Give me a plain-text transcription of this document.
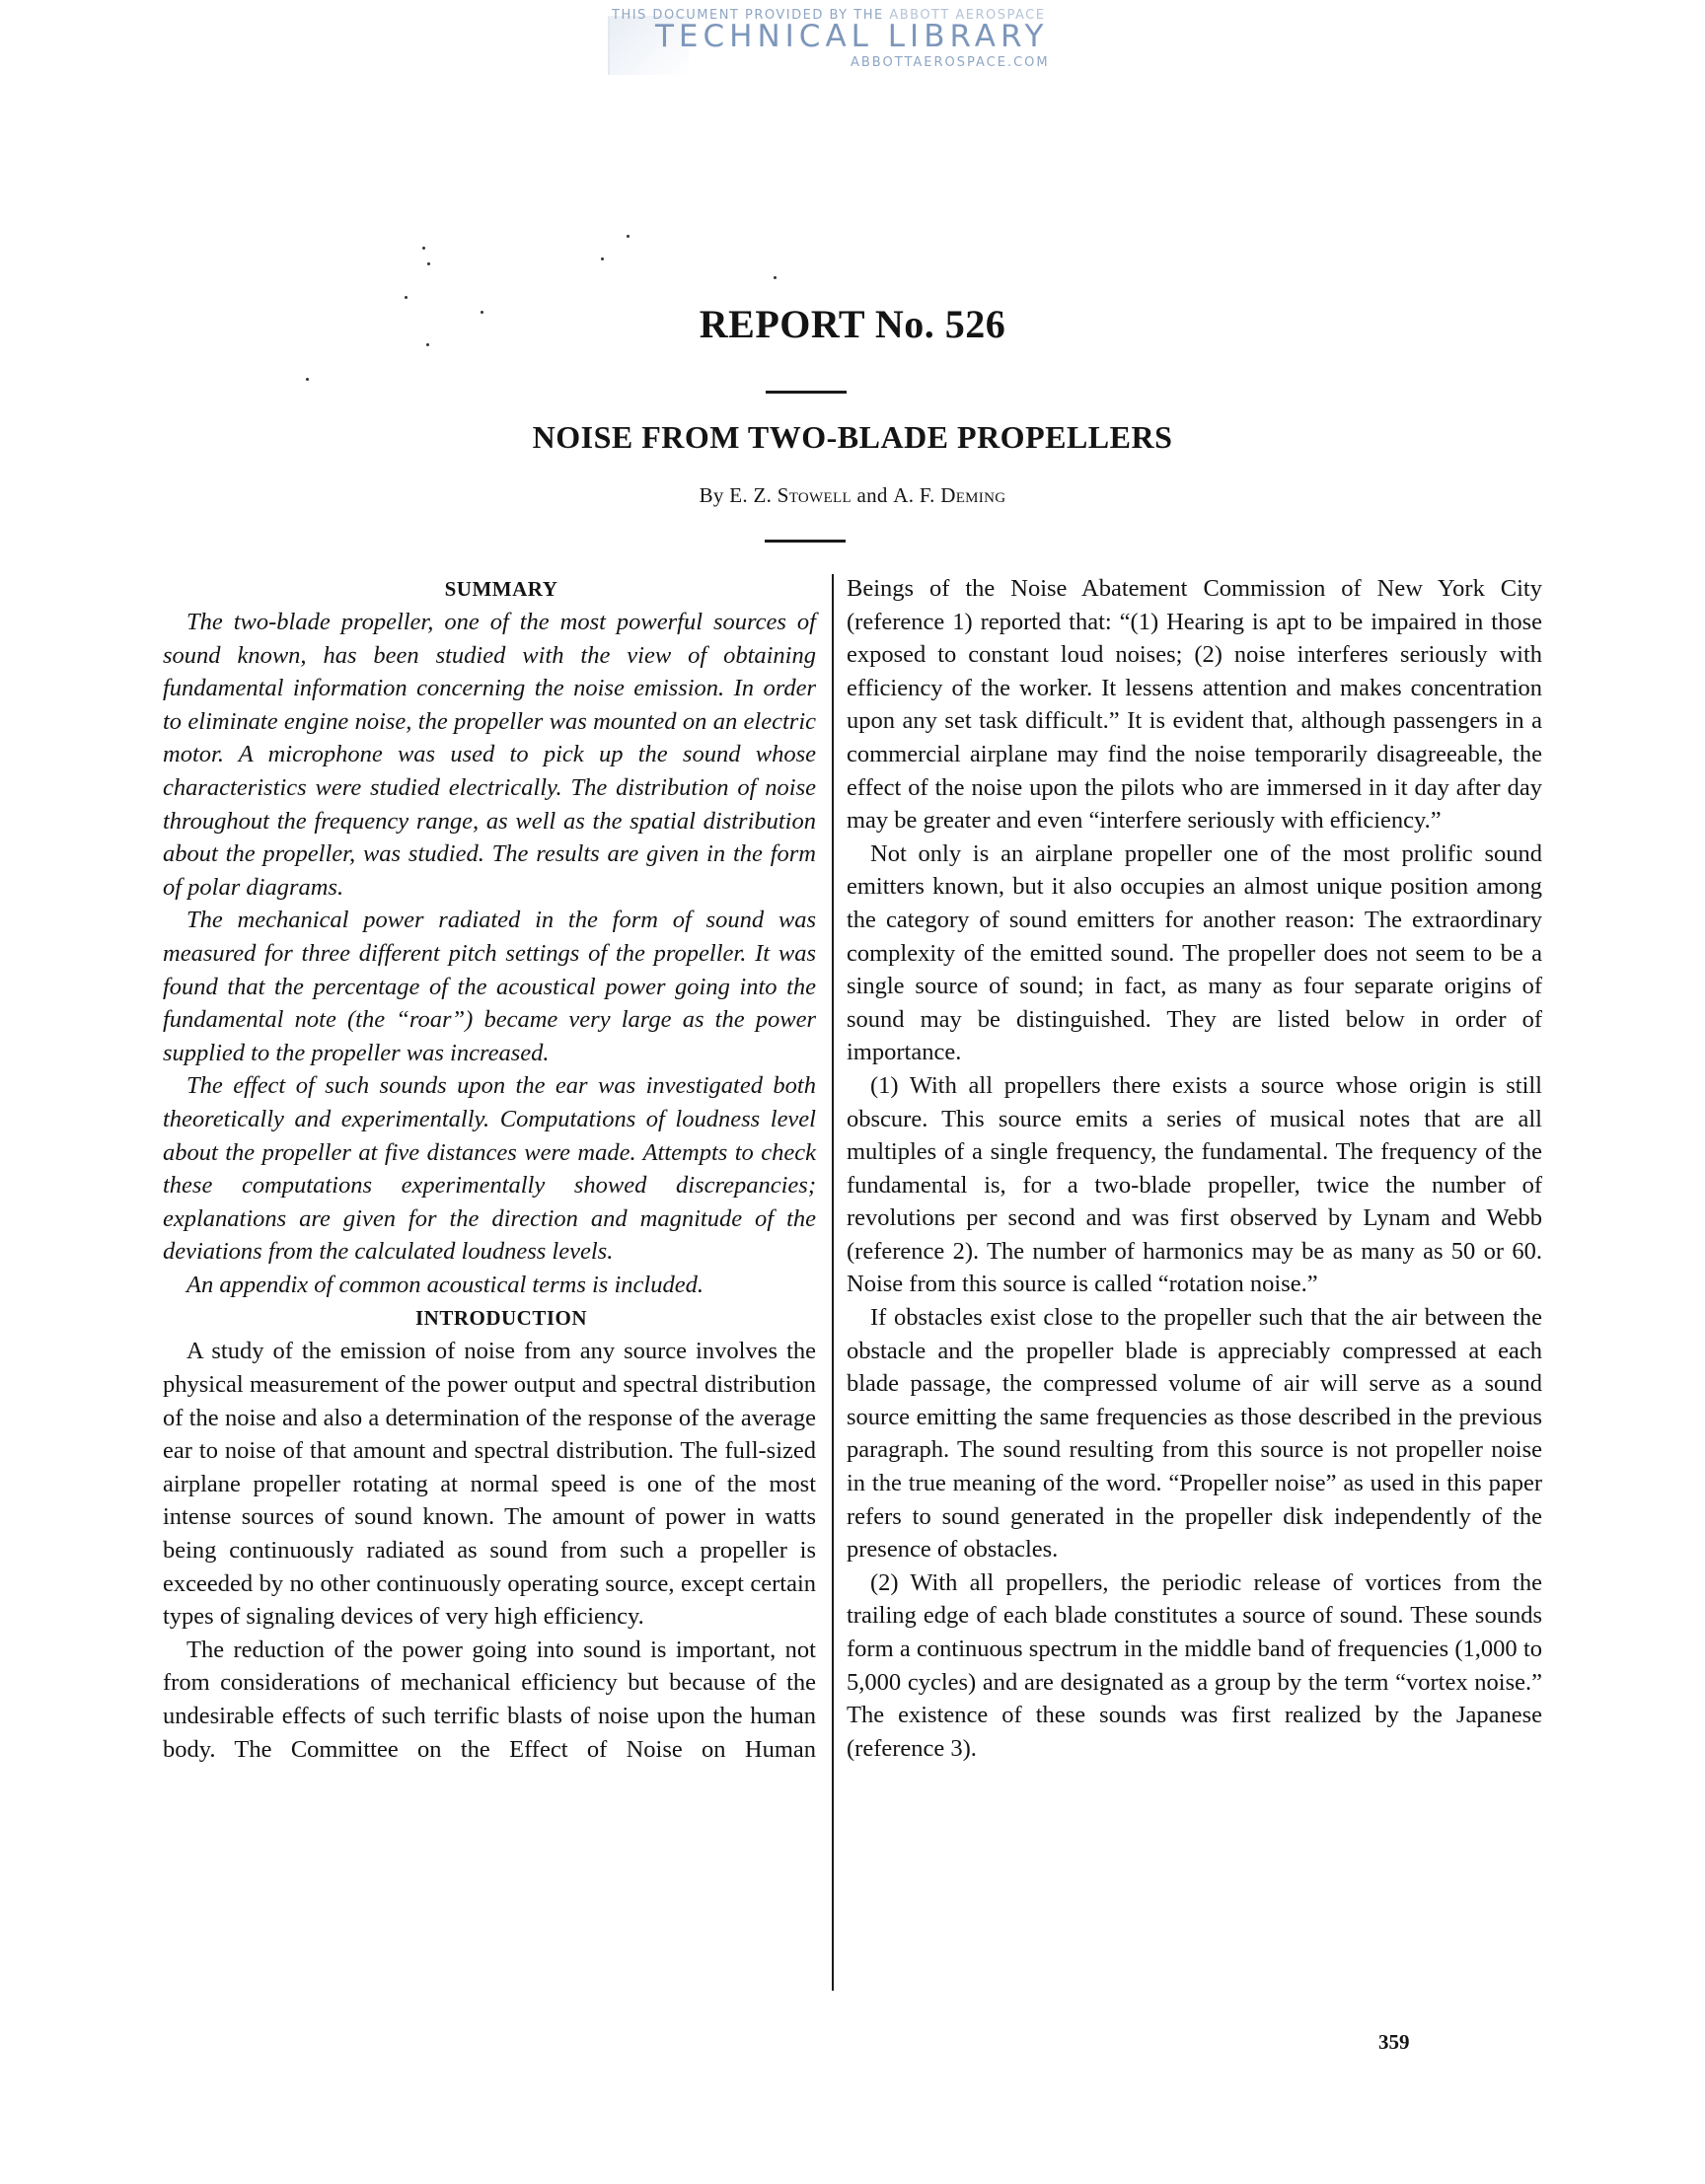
THIS DOCUMENT PROVIDED BY THE ABBOTT AEROSPACE
TECHNICAL LIBRARY
ABBOTTAEROSPACE.COM
REPORT No. 526
NOISE FROM TWO-BLADE PROPELLERS
By E. Z. Stowell and A. F. Deming

SUMMARY

The two-blade propeller, one of the most powerful sources of sound known, has been studied with the view of obtaining fundamental information concerning the noise emission. In order to eliminate engine noise, the propeller was mounted on an electric motor. A microphone was used to pick up the sound whose characteristics were studied electrically. The distribution of noise throughout the frequency range, as well as the spatial distribution about the propeller, was studied. The results are given in the form of polar diagrams.

The mechanical power radiated in the form of sound was measured for three different pitch settings of the propeller. It was found that the percentage of the acoustical power going into the fundamental note (the “roar”) became very large as the power supplied to the propeller was increased.

The effect of such sounds upon the ear was investigated both theoretically and experimentally. Computations of loudness level about the propeller at five distances were made. Attempts to check these computations experimentally showed discrepancies; explanations are given for the direction and magnitude of the deviations from the calculated loudness levels.

An appendix of common acoustical terms is included.

INTRODUCTION

A study of the emission of noise from any source involves the physical measurement of the power output and spectral distribution of the noise and also a determination of the response of the average ear to noise of that amount and spectral distribution. The full-sized airplane propeller rotating at normal speed is one of the most intense sources of sound known. The amount of power in watts being continuously radiated as sound from such a propeller is exceeded by no other continuously operating source, except certain types of signaling devices of very high efficiency.

The reduction of the power going into sound is important, not from considerations of mechanical efficiency but because of the undesirable effects of such terrific blasts of noise upon the human body. The Committee on the Effect of Noise on Human

Beings of the Noise Abatement Commission of New York City (reference 1) reported that: “(1) Hearing is apt to be impaired in those exposed to constant loud noises; (2) noise interferes seriously with efficiency of the worker. It lessens attention and makes concentration upon any set task difficult.” It is evident that, although passengers in a commercial airplane may find the noise temporarily disagreeable, the effect of the noise upon the pilots who are immersed in it day after day may be greater and even “interfere seriously with efficiency.”

Not only is an airplane propeller one of the most prolific sound emitters known, but it also occupies an almost unique position among the category of sound emitters for another reason: The extraordinary complexity of the emitted sound. The propeller does not seem to be a single source of sound; in fact, as many as four separate origins of sound may be distinguished. They are listed below in order of importance.

(1) With all propellers there exists a source whose origin is still obscure. This source emits a series of musical notes that are all multiples of a single frequency, the fundamental. The frequency of the fundamental is, for a two-blade propeller, twice the number of revolutions per second and was first observed by Lynam and Webb (reference 2). The number of harmonics may be as many as 50 or 60. Noise from this source is called “rotation noise.”

If obstacles exist close to the propeller such that the air between the obstacle and the propeller blade is appreciably compressed at each blade passage, the compressed volume of air will serve as a sound source emitting the same frequencies as those described in the previous paragraph. The sound resulting from this source is not propeller noise in the true meaning of the word. “Propeller noise” as used in this paper refers to sound generated in the propeller disk independently of the presence of obstacles.

(2) With all propellers, the periodic release of vortices from the trailing edge of each blade constitutes a source of sound. These sounds form a continuous spectrum in the middle band of frequencies (1,000 to 5,000 cycles) and are designated as a group by the term “vortex noise.” The existence of these sounds was first realized by the Japanese (reference 3).

359
